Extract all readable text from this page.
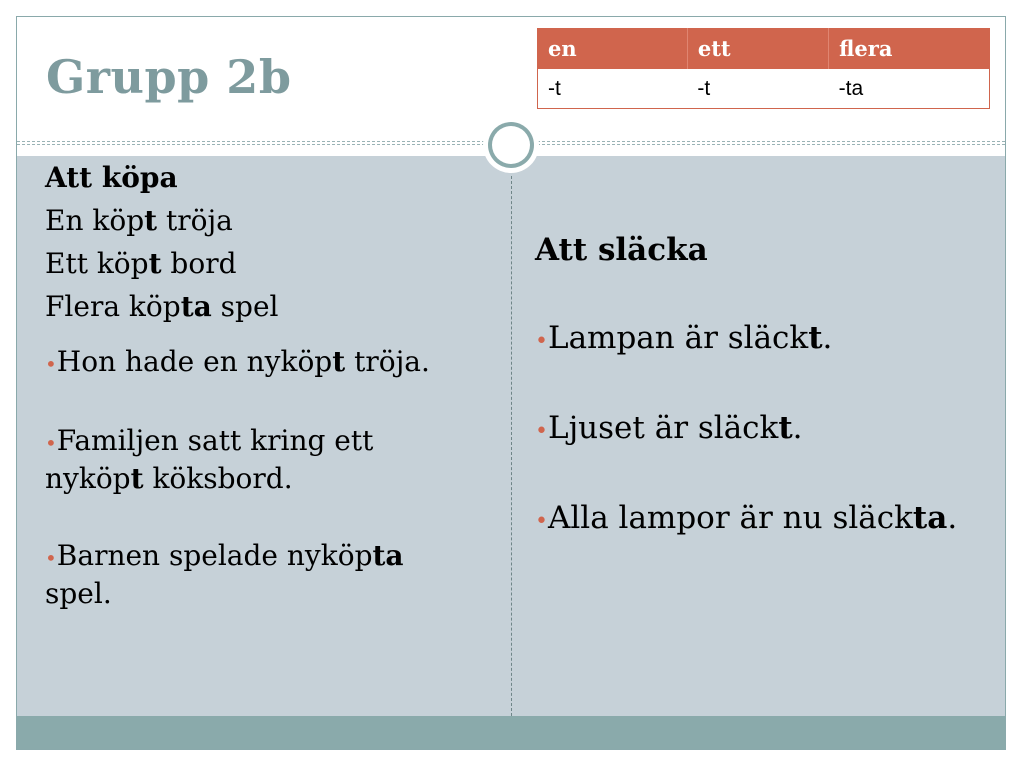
Grupp 2b
en	ett	flera
-t	-t	-ta
Att köpa
En köpt tröja
Ett köpt bord
Flera köpta spel
•Hon hade en nyköpt tröja.
•Familjen satt kring ett nyköpt köksbord.
•Barnen spelade nyköpta spel.
Att släcka
•Lampan är släckt.
•Ljuset är släckt.
•Alla lampor är nu släckta.
